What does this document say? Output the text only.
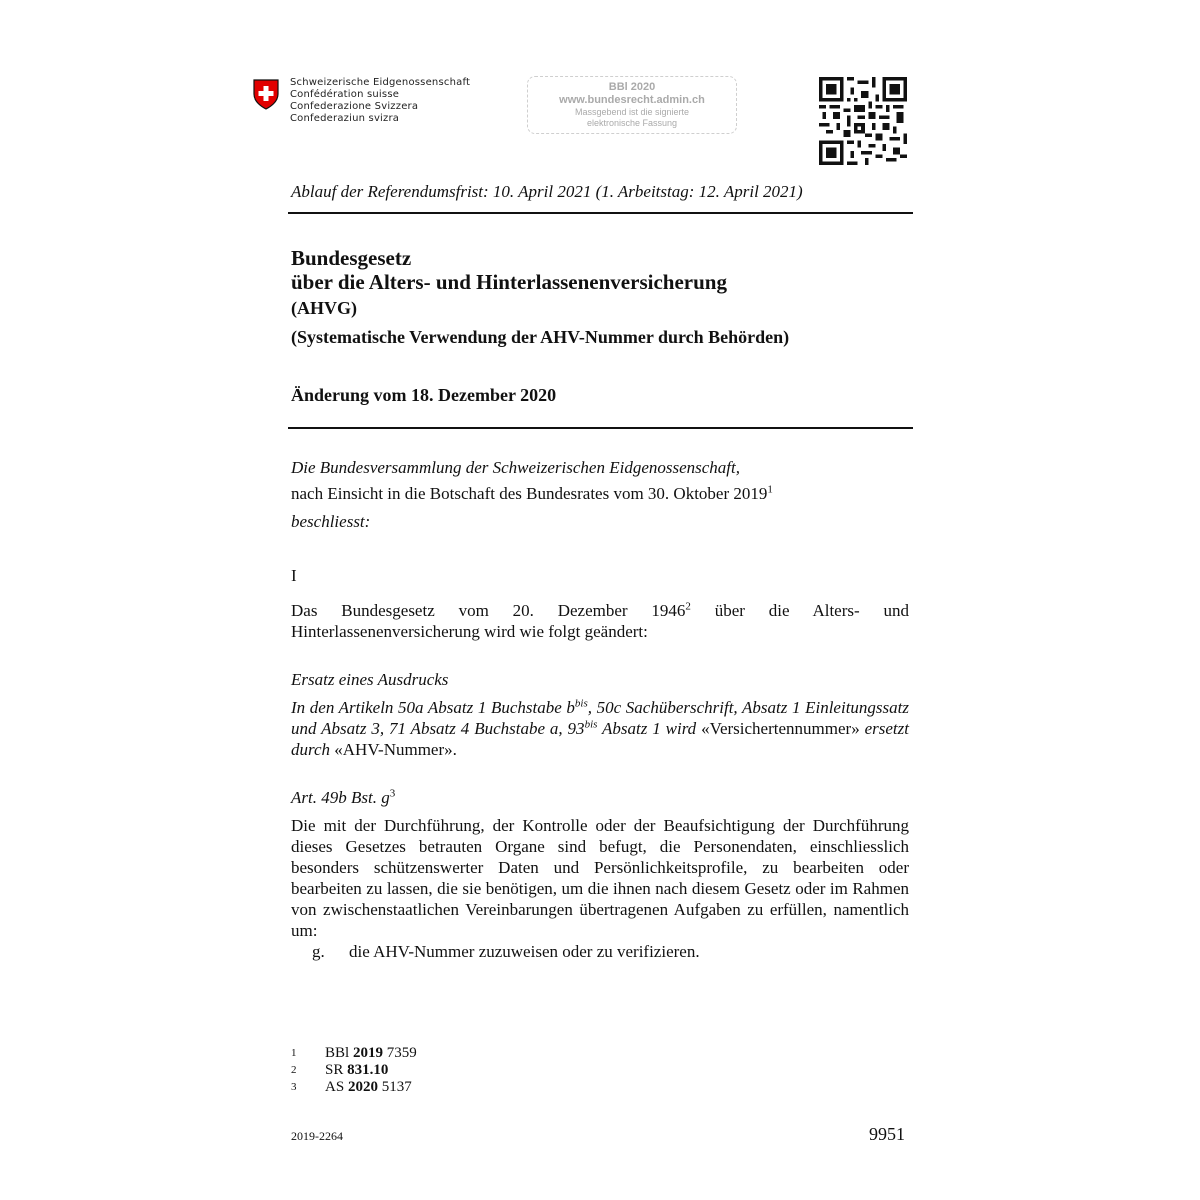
Schweizerische Eidgenossenschaft
Confédération suisse
Confederazione Svizzera
Confederaziun svizra
BBl 2020
www.bundesrecht.admin.ch
Massgebend ist die signierte
elektronische Fassung
Ablauf der Referendumsfrist: 10. April 2021 (1. Arbeitstag: 12. April 2021)
Bundesgesetz
über die Alters- und Hinterlassenenversicherung
(AHVG)
(Systematische Verwendung der AHV-Nummer durch Behörden)
Änderung vom 18. Dezember 2020
Die Bundesversammlung der Schweizerischen Eidgenossenschaft,
nach Einsicht in die Botschaft des Bundesrates vom 30. Oktober 2019$^1$
beschliesst:
I
Das Bundesgesetz vom 20. Dezember 1946$^2$ über die Alters- und Hinterlassenenversicherung wird wie folgt geändert:
Ersatz eines Ausdrucks
In den Artikeln 50a Absatz 1 Buchstabe $b^{bis}$, 50c Sachüberschrift, Absatz 1 Einleitungssatz und Absatz 3, 71 Absatz 4 Buchstabe a, $93^{bis}$ Absatz 1 wird «Versichertennummer» ersetzt durch «AHV-Nummer».
Art. 49b Bst. $g^3$
Die mit der Durchführung, der Kontrolle oder der Beaufsichtigung der Durchführung dieses Gesetzes betrauten Organe sind befugt, die Personendaten, einschliesslich besonders schützenswerter Daten und Persönlichkeitsprofile, zu bearbeiten oder bearbeiten zu lassen, die sie benötigen, um die ihnen nach diesem Gesetz oder im Rahmen von zwischenstaatlichen Vereinbarungen übertragenen Aufgaben zu erfüllen, namentlich um:
g. die AHV-Nummer zuzuweisen oder zu verifizieren.
1 BBl 2019 7359
2 SR 831.10
3 AS 2020 5137
2019-2264	9951
